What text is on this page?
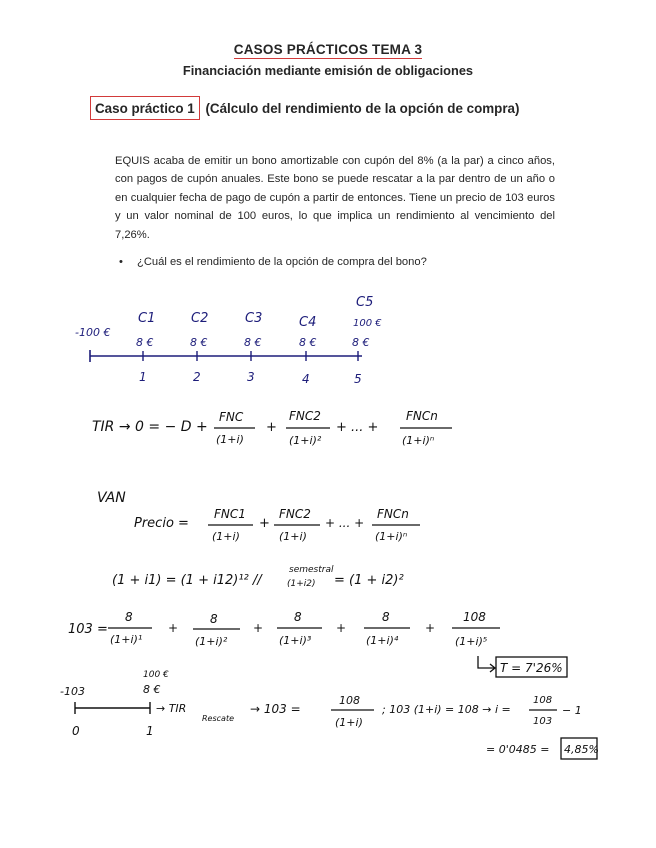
CASOS PRÁCTICOS TEMA 3
Financiación mediante emisión de obligaciones
Caso práctico 1 (Cálculo del rendimiento de la opción de compra)
EQUIS acaba de emitir un bono amortizable con cupón del 8% (a la par) a cinco años, con pagos de cupón anuales. Este bono se puede rescatar a la par dentro de un año o en cualquier fecha de pago de cupón a partir de entonces. Tiene un precio de 103 euros y un valor nominal de 100 euros, lo que implica un rendimiento al vencimiento del 7,26%.
• ¿Cuál es el rendimiento de la opción de compra del bono?
-100 €
C1	C2	C3	C4
C5
100 €
8 €	8 €	8 €	8 €	8 €
1	2	3	4	5
TIR → 0 = − D +
FNC
(1+i)
+
FNC2
(1+i)²
+ ... +
FNCn
(1+i)ⁿ
VAN
Precio =
FNC1
(1+i)
+
FNC2
(1+i)
+ ... +
FNCn
(1+i)ⁿ
(1 + i1) = (1 + i12)¹² //
semestral
(1+i2) = (1 + i2)²
103 =
8
(1+i)¹
+
8
(1+i)²
+
8
(1+i)³
+
8
(1+i)⁴
+
108
(1+i)⁵
T = 7'26%
-103
100 €
8 €
0	1
→ TIR
Rescate
→ 103 =
108
(1+i)
; 103 (1+i) = 108 → i =
108
103
− 1
= 0'0485 = 4,85%
